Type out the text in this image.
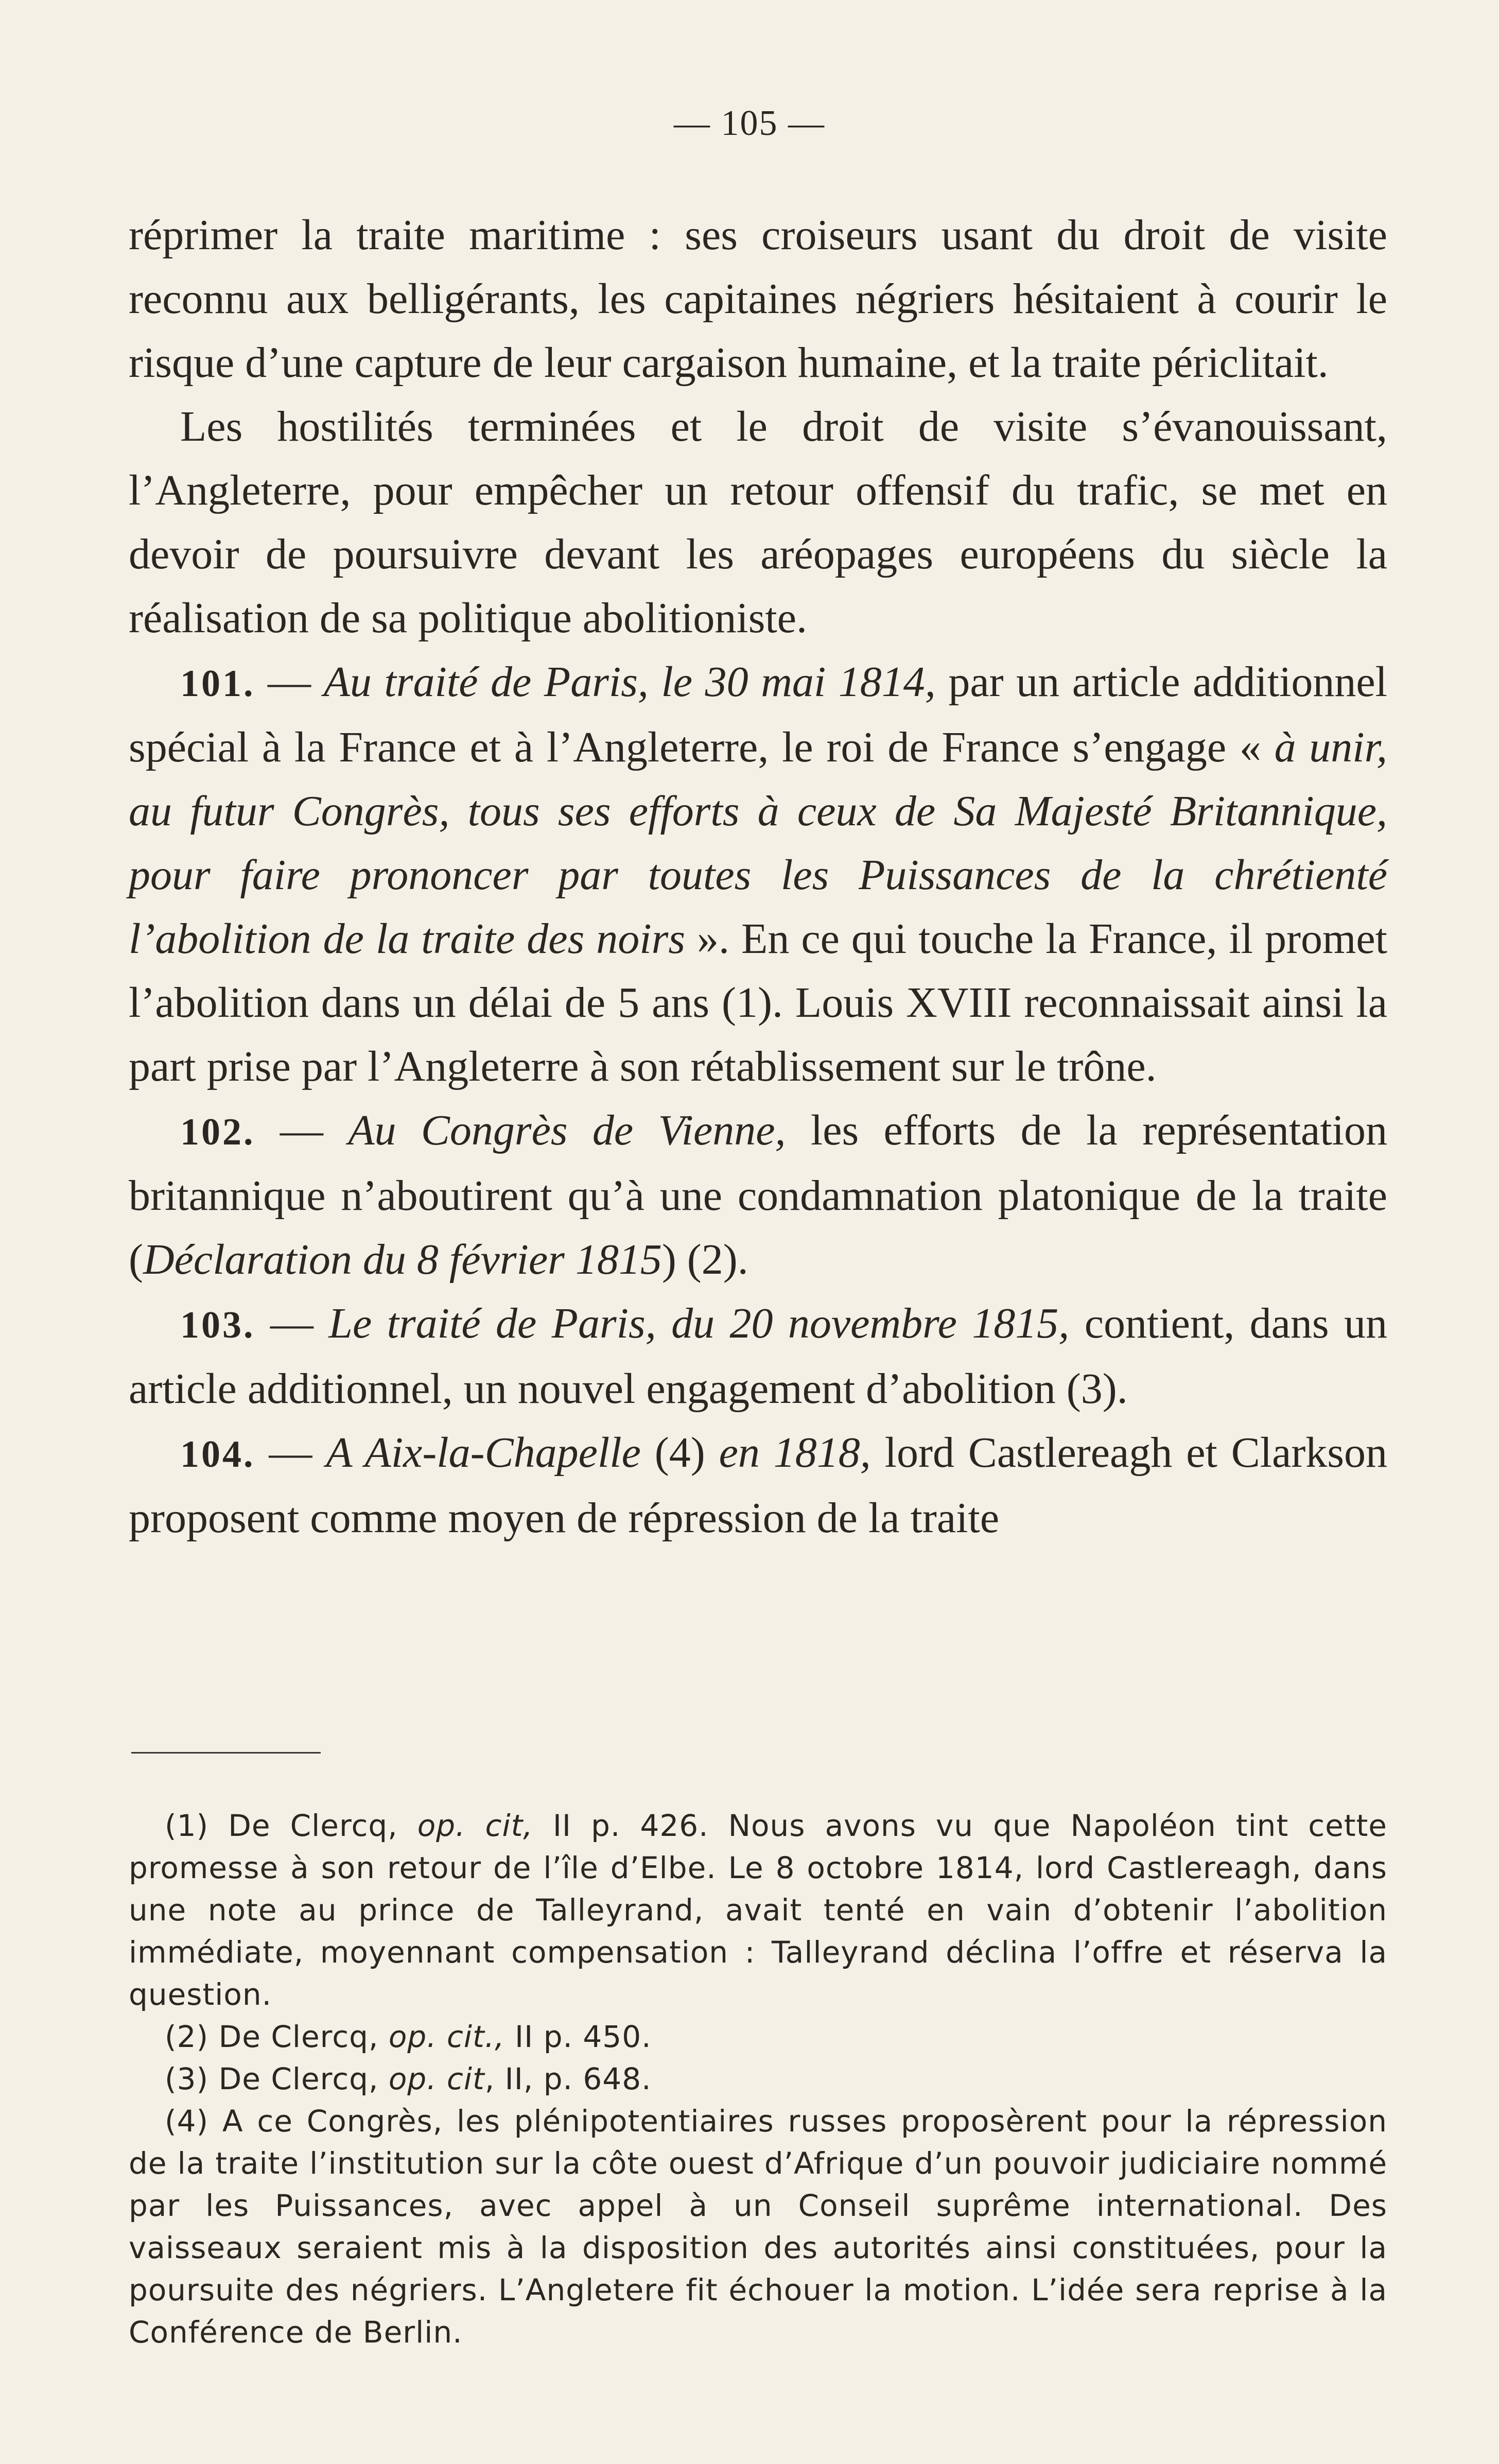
— 105 —

réprimer la traite maritime : ses croiseurs usant du droit de visite reconnu aux belligérants, les capitaines négriers hésitaient à courir le risque d’une capture de leur cargaison humaine, et la traite périclitait.

Les hostilités terminées et le droit de visite s’évanouissant, l’Angleterre, pour empêcher un retour offensif du trafic, se met en devoir de poursuivre devant les aréopages européens du siècle la réalisation de sa politique abolitioniste.

101. — Au traité de Paris, le 30 mai 1814, par un article additionnel spécial à la France et à l’Angleterre, le roi de France s’engage « à unir, au futur Congrès, tous ses efforts à ceux de Sa Majesté Britannique, pour faire prononcer par toutes les Puissances de la chrétienté l’abolition de la traite des noirs ». En ce qui touche la France, il promet l’abolition dans un délai de 5 ans (1). Louis XVIII reconnaissait ainsi la part prise par l’Angleterre à son rétablissement sur le trône.

102. — Au Congrès de Vienne, les efforts de la représentation britannique n’aboutirent qu’à une condamnation platonique de la traite (Déclaration du 8 février 1815) (2).

103. — Le traité de Paris, du 20 novembre 1815, contient, dans un article additionnel, un nouvel engagement d’abolition (3).

104. — A Aix-la-Chapelle (4) en 1818, lord Castlereagh et Clarkson proposent comme moyen de répression de la traite

(1) De Clercq, op. cit, II p. 426. Nous avons vu que Napoléon tint cette promesse à son retour de l’île d’Elbe. Le 8 octobre 1814, lord Castlereagh, dans une note au prince de Talleyrand, avait tenté en vain d’obtenir l’abolition immédiate, moyennant compensation : Talleyrand déclina l’offre et réserva la question.

(2) De Clercq, op. cit., II p. 450.

(3) De Clercq, op. cit, II, p. 648.

(4) A ce Congrès, les plénipotentiaires russes proposèrent pour la répression de la traite l’institution sur la côte ouest d’Afrique d’un pouvoir judiciaire nommé par les Puissances, avec appel à un Conseil suprême international. Des vaisseaux seraient mis à la disposition des autorités ainsi constituées, pour la poursuite des négriers. L’Angletere fit échouer la motion. L’idée sera reprise à la Conférence de Berlin.
